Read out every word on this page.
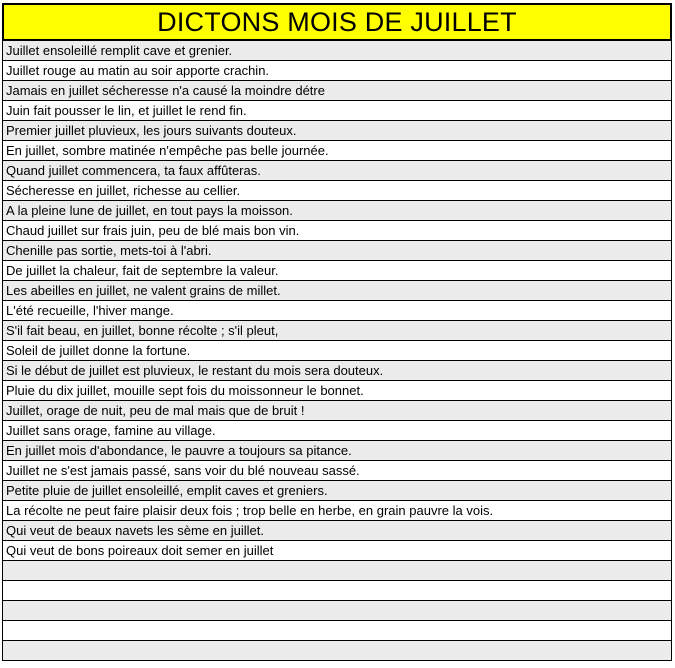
DICTONS MOIS DE JUILLET
Juillet ensoleillé remplit cave et grenier.
Juillet rouge au matin au soir apporte crachin.
Jamais en juillet sécheresse n'a causé la moindre détre
Juin fait pousser le lin, et juillet le rend fin.
Premier juillet pluvieux, les jours suivants douteux.
En juillet, sombre matinée n'empêche pas belle journée.
Quand juillet commencera, ta faux affûteras.
Sécheresse en juillet, richesse au cellier.
A la pleine lune de juillet, en tout pays la moisson.
Chaud juillet sur frais juin, peu de blé mais bon vin.
Chenille pas sortie, mets-toi à l'abri.
De juillet la chaleur, fait de septembre la valeur.
Les abeilles en juillet, ne valent grains de millet.
L'été recueille, l'hiver mange.
S'il fait beau, en juillet, bonne récolte ; s'il pleut,
Soleil de juillet donne la fortune.
Si le début de juillet est pluvieux, le restant du mois sera douteux.
Pluie du dix juillet, mouille sept fois du moissonneur le bonnet.
Juillet, orage de nuit, peu de mal mais que de bruit !
Juillet sans orage, famine au village.
En juillet mois d'abondance, le pauvre a toujours sa pitance.
Juillet ne s'est jamais passé, sans voir du blé nouveau sassé.
Petite pluie de juillet ensoleillé, emplit caves et greniers.
La récolte ne peut faire plaisir deux fois ; trop belle en herbe, en grain pauvre la vois.
Qui veut de beaux navets les sème en juillet.
Qui veut de bons poireaux doit semer en juillet
